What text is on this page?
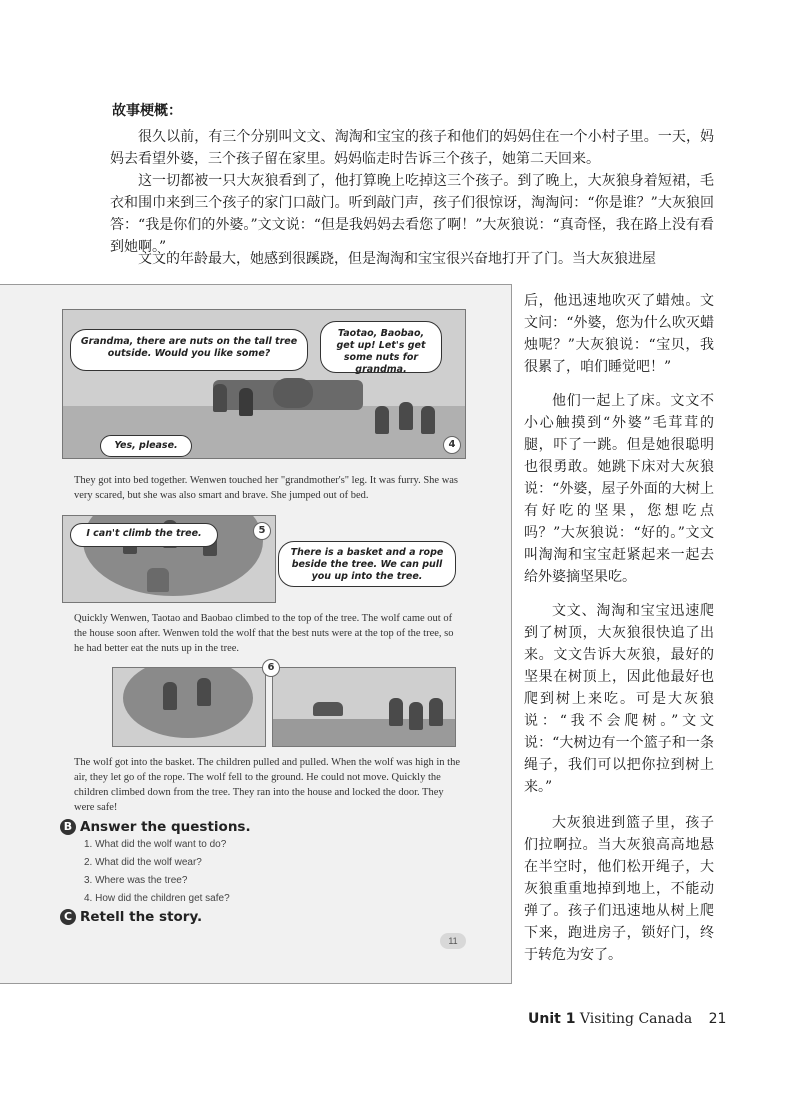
故事梗概：

很久以前，有三个分别叫文文、淘淘和宝宝的孩子和他们的妈妈住在一个小村子里。一天，妈妈去看望外婆，三个孩子留在家里。妈妈临走时告诉三个孩子，她第二天回来。

这一切都被一只大灰狼看到了，他打算晚上吃掉这三个孩子。到了晚上，大灰狼身着短裙，毛衣和围巾来到三个孩子的家门口敲门。听到敲门声，孩子们很惊讶，淘淘问：“你是谁？”大灰狼回答：“我是你们的外婆。”文文说：“但是我妈妈去看您了啊！”大灰狼说：“真奇怪，我在路上没有看到她啊。”

文文的年龄最大，她感到很蹊跷，但是淘淘和宝宝很兴奋地打开了门。当大灰狼进屋

4
Grandma, there are nuts on the tall tree outside. Would you like some?
Taotao, Baobao, get up! Let's get some nuts for grandma.
Yes, please.

They got into bed together. Wenwen touched her "grandmother's" leg. It was furry. She was very scared, but she was also smart and brave. She jumped out of bed.

5
I can't climb the tree.
There is a basket and a rope beside the tree. We can pull you up into the tree.

Quickly Wenwen, Taotao and Baobao climbed to the top of the tree. The wolf came out of the house soon after. Wenwen told the wolf that the best nuts were at the top of the tree, so he had better eat the nuts up in the tree.

6

The wolf got into the basket. The children pulled and pulled. When the wolf was high in the air, they let go of the rope. The wolf fell to the ground. He could not move. Quickly the children climbed down from the tree. They ran into the house and locked the door. They were safe!

B Answer the questions.
1. What did the wolf want to do?
2. What did the wolf wear?
3. Where was the tree?
4. How did the children get safe?
C Retell the story.
11

后，他迅速地吹灭了蜡烛。文文问：“外婆，您为什么吹灭蜡烛呢？”大灰狼说：“宝贝，我很累了，咱们睡觉吧！”

他们一起上了床。文文不小心触摸到“外婆”毛茸茸的腿，吓了一跳。但是她很聪明也很勇敢。她跳下床对大灰狼说：“外婆，屋子外面的大树上有好吃的坚果，您想吃点吗？”大灰狼说：“好的。”文文叫淘淘和宝宝赶紧起来一起去给外婆摘坚果吃。

文文、淘淘和宝宝迅速爬到了树顶，大灰狼很快追了出来。文文告诉大灰狼，最好的坚果在树顶上，因此他最好也爬到树上来吃。可是大灰狼说：“我不会爬树。”文文说：“大树边有一个篮子和一条绳子，我们可以把你拉到树上来。”

大灰狼进到篮子里，孩子们拉啊拉。当大灰狼高高地悬在半空时，他们松开绳子，大灰狼重重地掉到地上，不能动弹了。孩子们迅速地从树上爬下来，跑进房子，锁好门，终于转危为安了。

Unit 1 Visiting Canada 21
